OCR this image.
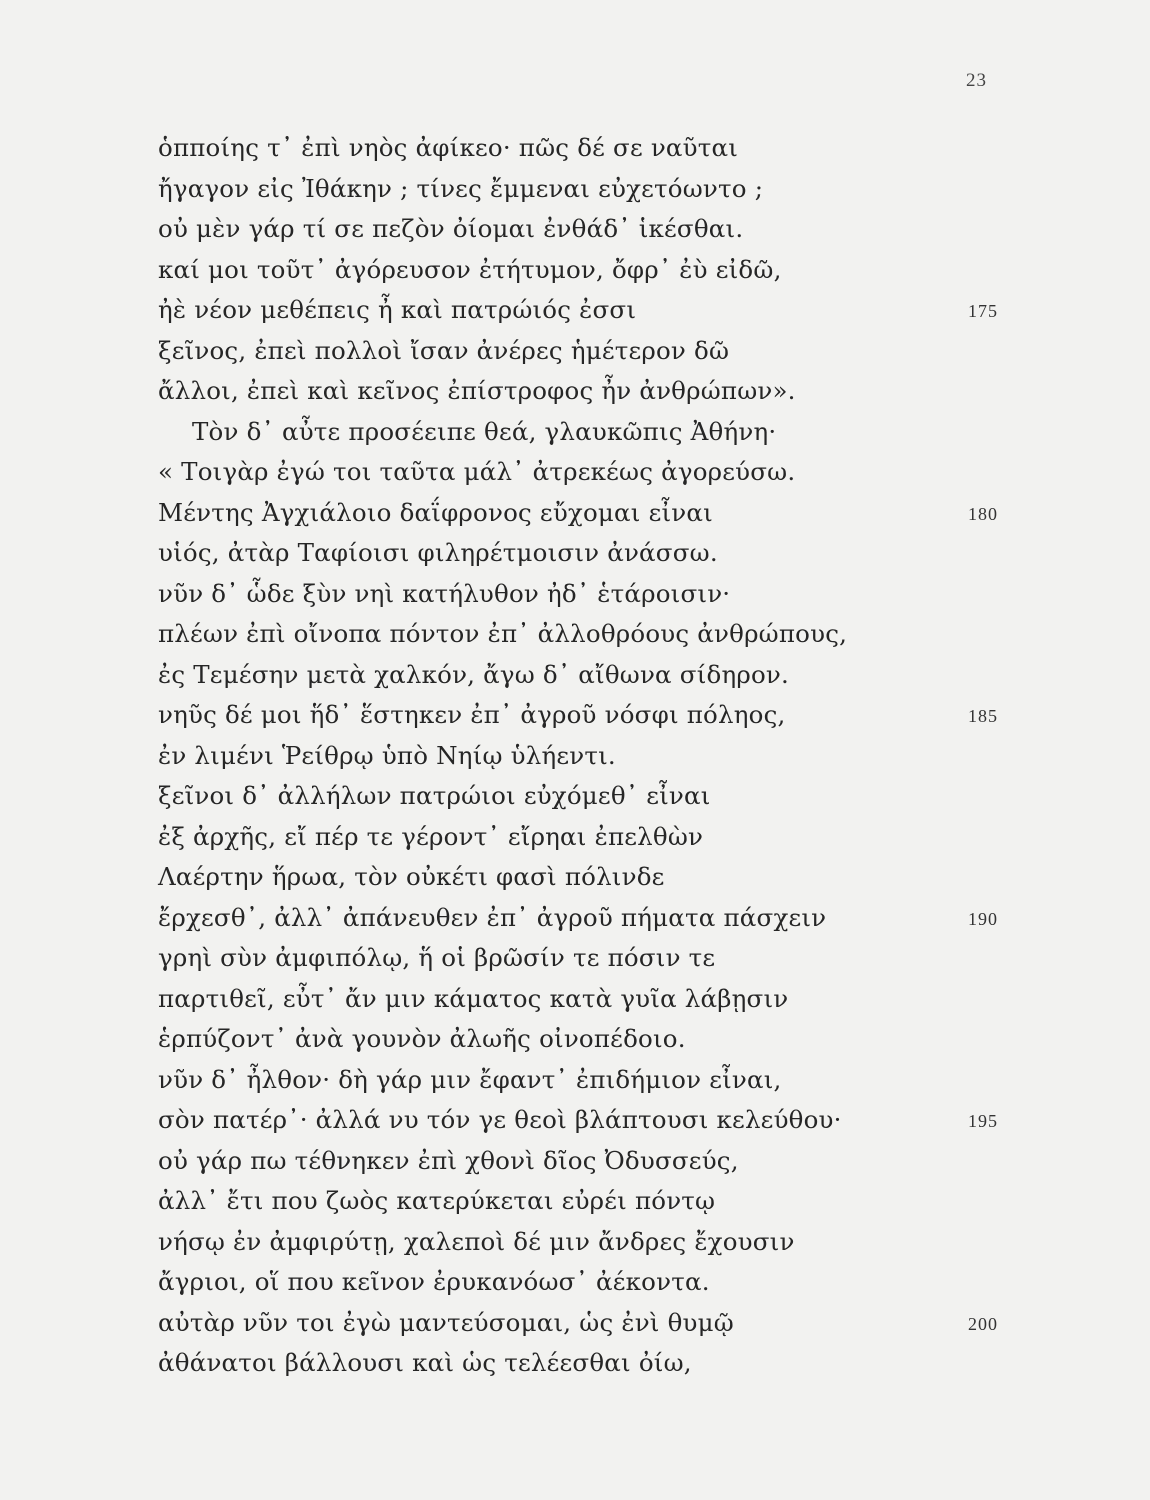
23
ὁπποίης τ᾽ ἐπὶ νηὸς ἀφίκεο· πῶς δέ σε ναῦται
ἤγαγον εἰς Ἰθάκην ; τίνες ἔμμεναι εὐχετόωντο ;
οὐ μὲν γάρ τί σε πεζὸν ὀίομαι ἐνθάδ᾽ ἱκέσθαι.
καί μοι τοῦτ᾽ ἀγόρευσον ἐτήτυμον, ὄφρ᾽ ἐὺ εἰδῶ,
ἠὲ νέον μεθέπεις ἦ καὶ πατρώιός ἐσσι	175
ξεῖνος, ἐπεὶ πολλοὶ ἴσαν ἀνέρες ἡμέτερον δῶ
ἄλλοι, ἐπεὶ καὶ κεῖνος ἐπίστροφος ἦν ἀνθρώπων».
Τὸν δ᾽ αὖτε προσέειπε θεά, γλαυκῶπις Ἀθήνη·
« Τοιγὰρ ἐγώ τοι ταῦτα μάλ᾽ ἀτρεκέως ἀγορεύσω.
Μέντης Ἀγχιάλοιο δαΐφρονος εὔχομαι εἶναι	180
υἱός, ἀτὰρ Ταφίοισι φιληρέτμοισιν ἀνάσσω.
νῦν δ᾽ ὧδε ξὺν νηὶ κατήλυθον ἠδ᾽ ἑτάροισιν·
πλέων ἐπὶ οἴνοπα πόντον ἐπ᾽ ἀλλοθρόους ἀνθρώπους,
ἐς Τεμέσην μετὰ χαλκόν, ἄγω δ᾽ αἴθωνα σίδηρον.
νηῦς δέ μοι ἥδ᾽ ἕστηκεν ἐπ᾽ ἀγροῦ νόσφι πόληος,	185
ἐν λιμένι Ῥείθρῳ ὑπὸ Νηίῳ ὑλήεντι.
ξεῖνοι δ᾽ ἀλλήλων πατρώιοι εὐχόμεθ᾽ εἶναι
ἐξ ἀρχῆς, εἴ πέρ τε γέροντ᾽ εἴρηαι ἐπελθὼν
Λαέρτην ἥρωα, τὸν οὐκέτι φασὶ πόλινδε
ἔρχεσθ᾽, ἀλλ᾽ ἀπάνευθεν ἐπ᾽ ἀγροῦ πήματα πάσχειν	190
γρηὶ σὺν ἀμφιπόλῳ, ἥ οἱ βρῶσίν τε πόσιν τε
παρτιθεῖ, εὖτ᾽ ἄν μιν κάματος κατὰ γυῖα λάβῃσιν
ἑρπύζοντ᾽ ἀνὰ γουνὸν ἀλωῆς οἰνοπέδοιο.
νῦν δ᾽ ἦλθον· δὴ γάρ μιν ἔφαντ᾽ ἐπιδήμιον εἶναι,
σὸν πατέρ᾽· ἀλλά νυ τόν γε θεοὶ βλάπτουσι κελεύθου·	195
οὐ γάρ πω τέθνηκεν ἐπὶ χθονὶ δῖος Ὀδυσσεύς,
ἀλλ᾽ ἔτι που ζωὸς κατερύκεται εὐρέι πόντῳ
νήσῳ ἐν ἀμφιρύτῃ, χαλεποὶ δέ μιν ἄνδρες ἔχουσιν
ἄγριοι, οἵ που κεῖνον ἐρυκανόωσ᾽ ἀέκοντα.
αὐτὰρ νῦν τοι ἐγὼ μαντεύσομαι, ὡς ἐνὶ θυμῷ	200
ἀθάνατοι βάλλουσι καὶ ὡς τελέεσθαι ὀίω,
